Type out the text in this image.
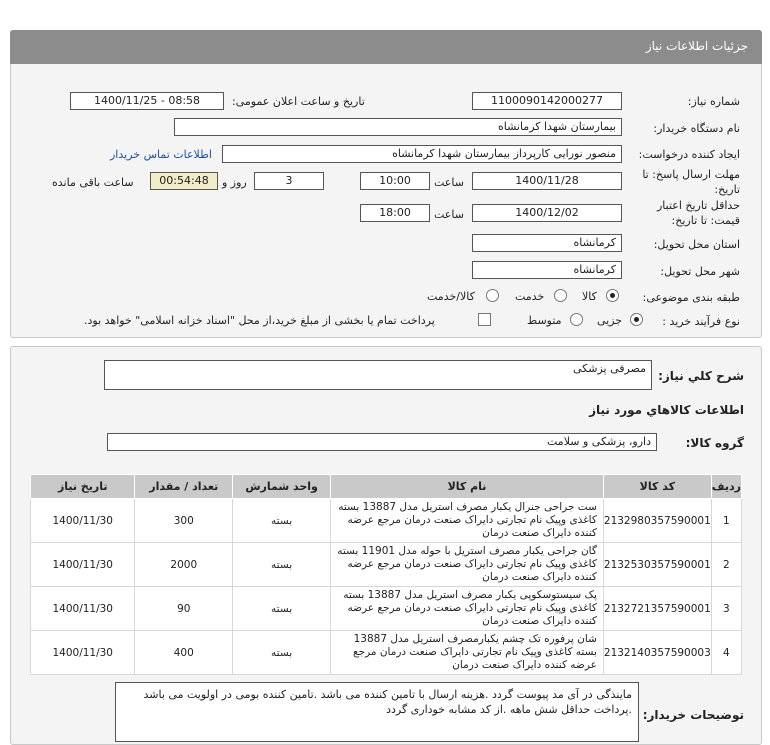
جزئیات اطلاعات نیاز
شماره نیاز:
1100090142000277
تاریخ و ساعت اعلان عمومی:
1400/11/25 - 08:58
نام دستگاه خریدار:
بیمارستان شهدا کرمانشاه
ایجاد کننده درخواست:
منصور نورایی کارپرداز بیمارستان شهدا کرمانشاه
اطلاعات تماس خریدار
مهلت ارسال پاسخ: تا
تاریخ:
1400/11/28
ساعت
10:00
3
روز و
00:54:48
ساعت باقی مانده
حداقل تاریخ اعتبار
قیمت: تا تاریخ:
1400/12/02
ساعت
18:00
استان محل تحویل:
کرمانشاه
شهر محل تحویل:
کرمانشاه
طبقه بندی موضوعی:
کالا
خدمت
کالا/خدمت
نوع فرآیند خرید :
جزیی
متوسط
پرداخت تمام یا بخشی از مبلغ خرید،از محل "اسناد خزانه اسلامی" خواهد بود.
شرح کلي نياز:
مصرفی پزشکی
اطلاعات کالاهاي مورد نياز
گروه کالا:
دارو، پزشکی و سلامت
ردیف	کد کالا	نام کالا	واحد شمارش	تعداد / مقدار	تاریخ نیاز
1	2132980357590001	ست جراحی جنرال یکبار مصرف استریل مدل 13887 بسته کاغذی وپیک نام تجارتی دایراک صنعت درمان مرجع عرضه کننده دایراک صنعت درمان	بسته	300	1400/11/30
2	2132530357590001	گان جراحی یکبار مصرف استریل با حوله مدل 11901 بسته کاغذی وپیک نام تجارتی دایراک صنعت درمان مرجع عرضه کننده دایراک صنعت درمان	بسته	2000	1400/11/30
3	2132721357590001	پک سیستوسکوپی یکبار مصرف استریل مدل 13887 بسته کاغذی وپیک نام تجارتی دایراک صنعت درمان مرجع عرضه کننده دایراک صنعت درمان	بسته	90	1400/11/30
4	2132140357590003	شان پرفوره تک چشم یکبارمصرف استریل مدل 13887 بسته کاغذی وپیک نام تجارتی دایراک صنعت درمان مرجع عرضه کننده دایراک صنعت درمان	بسته	400	1400/11/30
توضیحات خریدار:
ماینذگی در آی مد پیوست گردد .هزینه ارسال با تامین کننده می باشد .تامین کننده بومی در اولویت می باشد .پرداخت حداقل شش ماهه .از کد مشابه خوداری گردد
